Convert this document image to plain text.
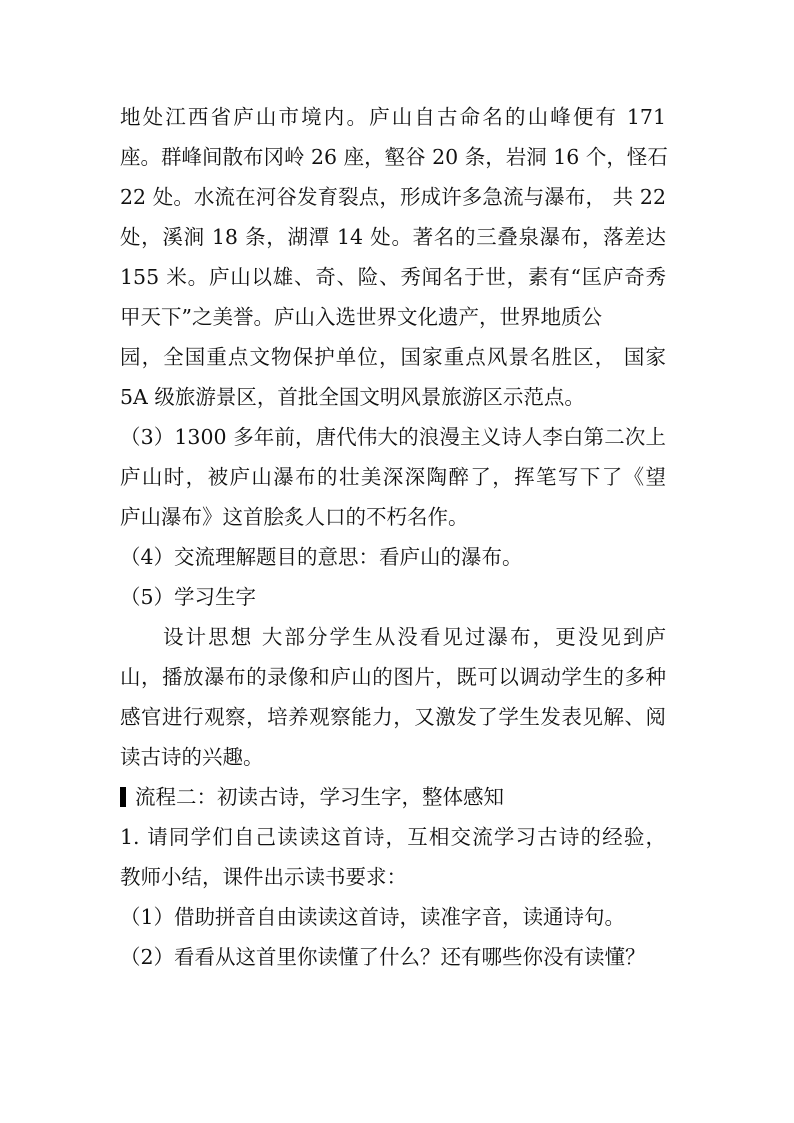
地处江西省庐山市境内。庐山自古命名的山峰便有 171
座。群峰间散布冈岭 26 座，壑谷 20 条，岩洞 16 个，怪石
22 处。水流在河谷发育裂点，形成许多急流与瀑布， 共 22
处，溪涧 18 条，湖潭 14 处。著名的三叠泉瀑布，落差达
155 米。庐山以雄、奇、险、秀闻名于世，素有“匡庐奇秀
甲天下”之美誉。庐山入选世界文化遗产，世界地质公
园，全国重点文物保护单位，国家重点风景名胜区， 国家
5A 级旅游景区，首批全国文明风景旅游区示范点。
（3）1300 多年前，唐代伟大的浪漫主义诗人李白第二次上
庐山时，被庐山瀑布的壮美深深陶醉了，挥笔写下了《望
庐山瀑布》这首脍炙人口的不朽名作。
（4）交流理解题目的意思：看庐山的瀑布。
（5）学习生字
设计思想 大部分学生从没看见过瀑布，更没见到庐
山，播放瀑布的录像和庐山的图片，既可以调动学生的多种
感官进行观察，培养观察能力，又激发了学生发表见解、阅
读古诗的兴趣。
流程二：初读古诗，学习生字，整体感知
1. 请同学们自己读读这首诗，互相交流学习古诗的经验，
教师小结，课件出示读书要求：
（1）借助拼音自由读读这首诗，读准字音，读通诗句。
（2）看看从这首里你读懂了什么？还有哪些你没有读懂？
